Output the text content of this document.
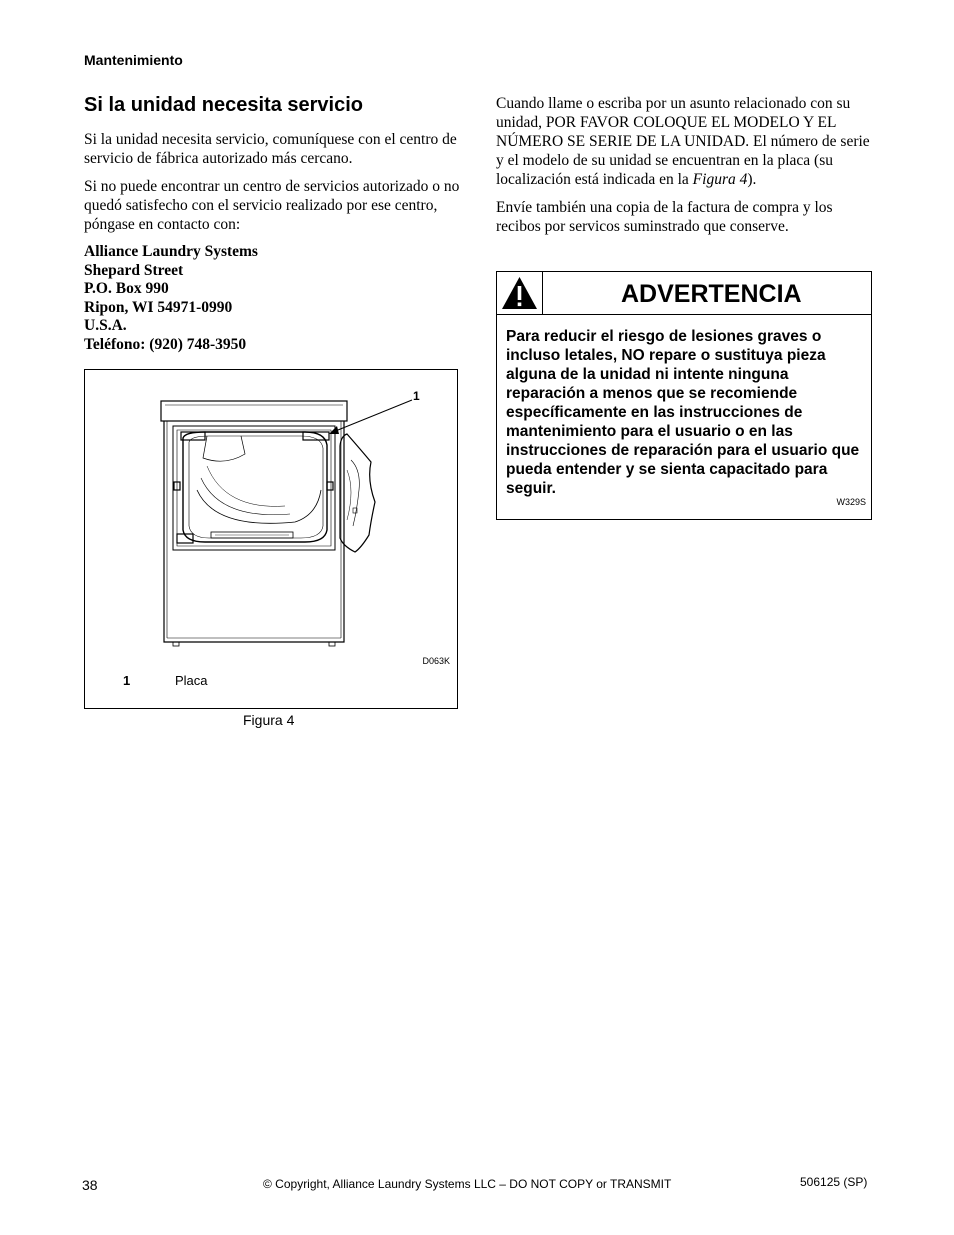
Mantenimiento
Si la unidad necesita servicio

Si la unidad necesita servicio, comuníquese con el centro de servicio de fábrica autorizado más cercano.

Si no puede encontrar un centro de servicios autorizado o no quedó satisfecho con el servicio realizado por ese centro, póngase en contacto con:

Alliance Laundry Systems
Shepard Street
P.O. Box 990
Ripon, WI 54971-0990
U.S.A.
Teléfono: (920) 748-3950

Cuando llame o escriba por un asunto relacionado con su unidad, POR FAVOR COLOQUE EL MODELO Y EL NÚMERO SE SERIE DE LA UNIDAD. El número de serie y el modelo de su unidad se encuentran en la placa (su localización está indicada en la Figura 4).

Envíe también una copia de la factura de compra y los recibos por servicos suminstrado que conserve.

ADVERTENCIA
Para reducir el riesgo de lesiones graves o incluso letales, NO repare o sustituya pieza alguna de la unidad ni intente ninguna reparación a menos que se recomiende específicamente en las instrucciones de mantenimiento para el usuario o en las instrucciones de reparación para el usuario que pueda entender y se sienta capacitado para seguir.
W329S
1
D063K
1	Placa
Figura 4
38	© Copyright, Alliance Laundry Systems LLC – DO NOT COPY or TRANSMIT	506125 (SP)
